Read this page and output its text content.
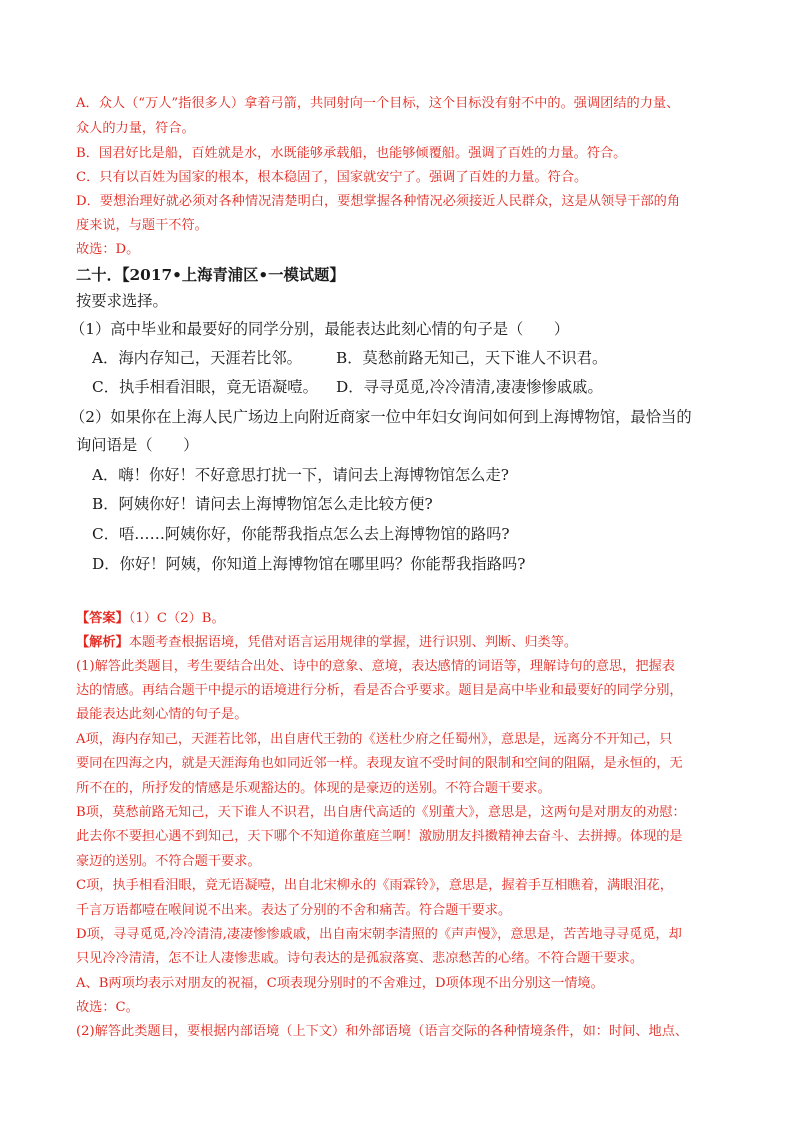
A．众人（“万人”指很多人）拿着弓箭，共同射向一个目标，这个目标没有射不中的。强调团结的力量、
众人的力量，符合。
B．国君好比是船，百姓就是水，水既能够承载船，也能够倾覆船。强调了百姓的力量。符合。
C．只有以百姓为国家的根本，根本稳固了，国家就安宁了。强调了百姓的力量。符合。
D．要想治理好就必须对各种情况清楚明白，要想掌握各种情况必须接近人民群众，这是从领导干部的角
度来说，与题干不符。
故选：D。
二十．【2017•上海青浦区•一模试题】
按要求选择。
（1）高中毕业和最要好的同学分别，最能表达此刻心情的句子是（　　）
A．海内存知己，天涯若比邻。 B．莫愁前路无知己，天下谁人不识君。
C．执手相看泪眼，竟无语凝噎。 D．寻寻觅觅,冷冷清清,凄凄惨惨戚戚。
（2）如果你在上海人民广场边上向附近商家一位中年妇女询问如何到上海博物馆，最恰当的
询问语是（　　）
A．嗨！你好！不好意思打扰一下，请问去上海博物馆怎么走?
B．阿姨你好！请问去上海博物馆怎么走比较方便?
C．唔……阿姨你好，你能帮我指点怎么去上海博物馆的路吗?
D．你好！阿姨，你知道上海博物馆在哪里吗？你能帮我指路吗?
【答案】（1）C（2）B。
【解析】本题考查根据语境，凭借对语言运用规律的掌握，进行识别、判断、归类等。
(1)解答此类题目，考生要结合出处、诗中的意象、意境，表达感情的词语等，理解诗句的意思，把握表
达的情感。再结合题干中提示的语境进行分析，看是否合乎要求。题目是高中毕业和最要好的同学分别，
最能表达此刻心情的句子是。
A项，海内存知己，天涯若比邻，出自唐代王勃的《送杜少府之任蜀州》，意思是，远离分不开知己，只
要同在四海之内，就是天涯海角也如同近邻一样。表现友谊不受时间的限制和空间的阻隔，是永恒的，无
所不在的，所抒发的情感是乐观豁达的。体现的是豪迈的送别。不符合题干要求。
B项，莫愁前路无知己，天下谁人不识君，出自唐代高适的《别董大》，意思是，这两句是对朋友的劝慰：
此去你不要担心遇不到知己，天下哪个不知道你董庭兰啊！激励朋友抖擞精神去奋斗、去拼搏。体现的是
豪迈的送别。不符合题干要求。
C项，执手相看泪眼，竟无语凝噎，出自北宋柳永的《雨霖铃》，意思是，握着手互相瞧着，满眼泪花，
千言万语都噎在喉间说不出来。表达了分别的不舍和痛苦。符合题干要求。
D项，寻寻觅觅,冷冷清清,凄凄惨惨戚戚，出自南宋朝李清照的《声声慢》，意思是，苦苦地寻寻觅觅，却
只见冷冷清清，怎不让人凄惨悲戚。诗句表达的是孤寂落寞、悲凉愁苦的心绪。不符合题干要求。
A、B两项均表示对朋友的祝福，C项表现分别时的不舍难过，D项体现不出分别这一情境。
故选：C。
(2)解答此类题目，要根据内部语境（上下文）和外部语境（语言交际的各种情境条件，如：时间、地点、
